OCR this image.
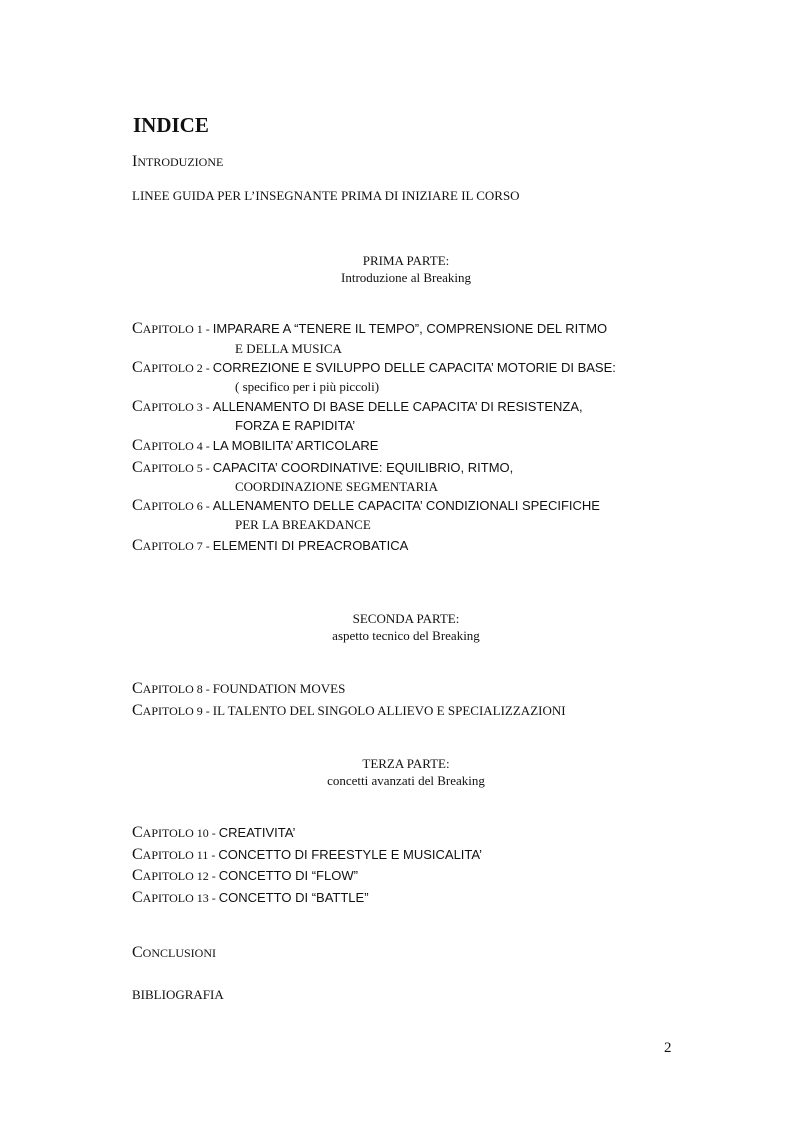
INDICE
INTRODUZIONE
LINEE GUIDA PER L’INSEGNANTE PRIMA DI INIZIARE IL CORSO
PRIMA PARTE:
Introduzione al Breaking
CAPITOLO 1 - IMPARARE A “TENERE IL TEMPO”, COMPRENSIONE DEL RITMO
E DELLA MUSICA
CAPITOLO 2 - CORREZIONE E SVILUPPO DELLE CAPACITA’ MOTORIE DI BASE:
( specifico per i più piccoli)
CAPITOLO 3 - ALLENAMENTO DI BASE DELLE CAPACITA’ DI RESISTENZA,
FORZA E RAPIDITA’
CAPITOLO 4 - LA MOBILITA’ ARTICOLARE
CAPITOLO 5 - CAPACITA’ COORDINATIVE: EQUILIBRIO, RITMO,
COORDINAZIONE SEGMENTARIA
CAPITOLO 6 - ALLENAMENTO DELLE CAPACITA’ CONDIZIONALI SPECIFICHE
PER LA BREAKDANCE
CAPITOLO 7 - ELEMENTI DI PREACROBATICA
SECONDA PARTE:
aspetto tecnico del Breaking
CAPITOLO 8 - FOUNDATION MOVES
CAPITOLO 9 - IL TALENTO DEL SINGOLO ALLIEVO E SPECIALIZZAZIONI
TERZA PARTE:
concetti avanzati del Breaking
CAPITOLO 10 - CREATIVITA’
CAPITOLO 11 - CONCETTO DI FREESTYLE E MUSICALITA’
CAPITOLO 12 - CONCETTO DI “FLOW”
CAPITOLO 13 - CONCETTO DI “BATTLE”
CONCLUSIONI
BIBLIOGRAFIA
2
